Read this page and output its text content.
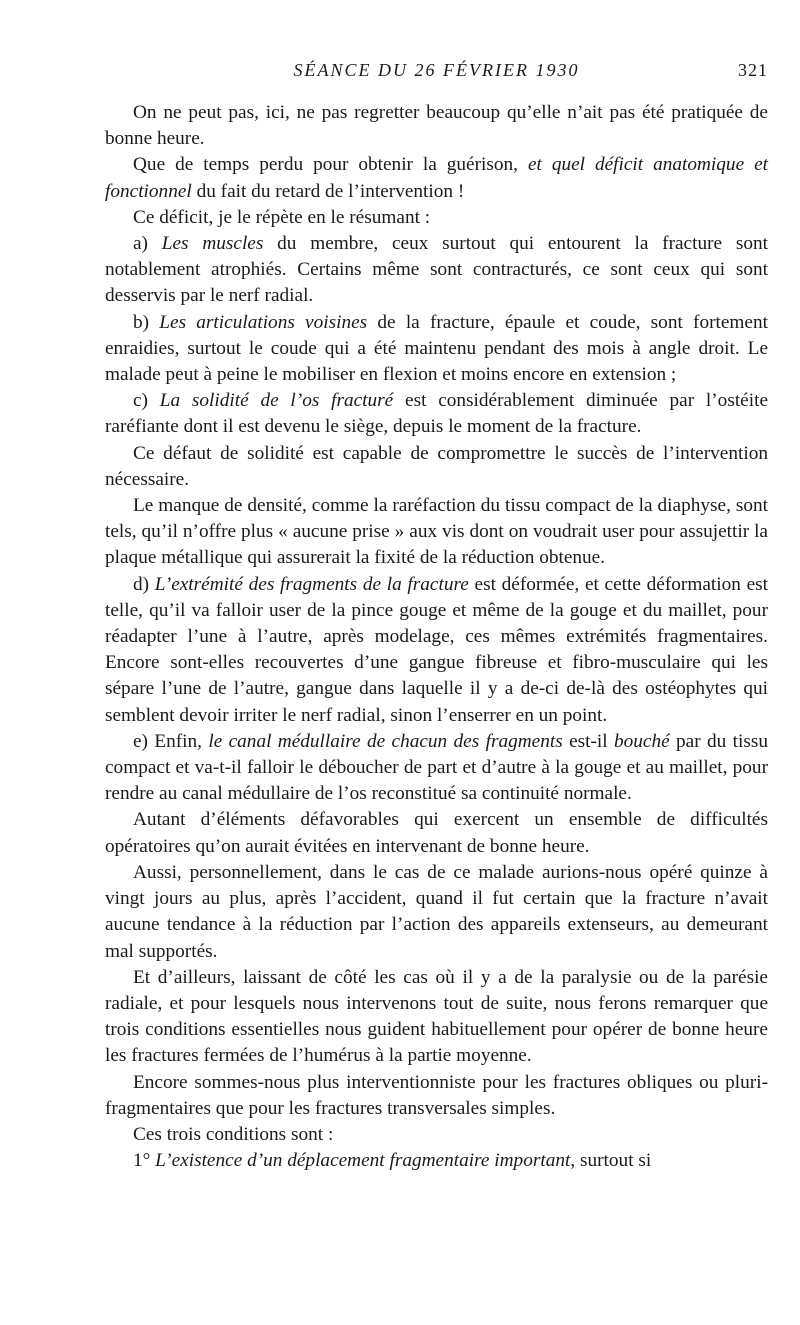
SÉANCE DU 26 FÉVRIER 1930	321

On ne peut pas, ici, ne pas regretter beaucoup qu’elle n’ait pas été pratiquée de bonne heure.

Que de temps perdu pour obtenir la guérison, et quel déficit anatomique et fonctionnel du fait du retard de l’intervention !

Ce déficit, je le répète en le résumant :

a) Les muscles du membre, ceux surtout qui entourent la fracture sont notablement atrophiés. Certains même sont contracturés, ce sont ceux qui sont desservis par le nerf radial.

b) Les articulations voisines de la fracture, épaule et coude, sont fortement enraidies, surtout le coude qui a été maintenu pendant des mois à angle droit. Le malade peut à peine le mobiliser en flexion et moins encore en extension ;

c) La solidité de l’os fracturé est considérablement diminuée par l’ostéite raréfiante dont il est devenu le siège, depuis le moment de la fracture.

Ce défaut de solidité est capable de compromettre le succès de l’intervention nécessaire.

Le manque de densité, comme la raréfaction du tissu compact de la diaphyse, sont tels, qu’il n’offre plus « aucune prise » aux vis dont on voudrait user pour assujettir la plaque métallique qui assurerait la fixité de la réduction obtenue.

d) L’extrémité des fragments de la fracture est déformée, et cette déformation est telle, qu’il va falloir user de la pince gouge et même de la gouge et du maillet, pour réadapter l’une à l’autre, après modelage, ces mêmes extrémités fragmentaires. Encore sont-elles recouvertes d’une gangue fibreuse et fibro-musculaire qui les sépare l’une de l’autre, gangue dans laquelle il y a de-ci de-là des ostéophytes qui semblent devoir irriter le nerf radial, sinon l’enserrer en un point.

e) Enfin, le canal médullaire de chacun des fragments est-il bouché par du tissu compact et va-t-il falloir le déboucher de part et d’autre à la gouge et au maillet, pour rendre au canal médullaire de l’os reconstitué sa continuité normale.

Autant d’éléments défavorables qui exercent un ensemble de difficultés opératoires qu’on aurait évitées en intervenant de bonne heure.

Aussi, personnellement, dans le cas de ce malade aurions-nous opéré quinze à vingt jours au plus, après l’accident, quand il fut certain que la fracture n’avait aucune tendance à la réduction par l’action des appareils extenseurs, au demeurant mal supportés.

Et d’ailleurs, laissant de côté les cas où il y a de la paralysie ou de la parésie radiale, et pour lesquels nous intervenons tout de suite, nous ferons remarquer que trois conditions essentielles nous guident habituellement pour opérer de bonne heure les fractures fermées de l’humérus à la partie moyenne.

Encore sommes-nous plus interventionniste pour les fractures obliques ou pluri-fragmentaires que pour les fractures transversales simples.

Ces trois conditions sont :

1° L’existence d’un déplacement fragmentaire important, surtout si
